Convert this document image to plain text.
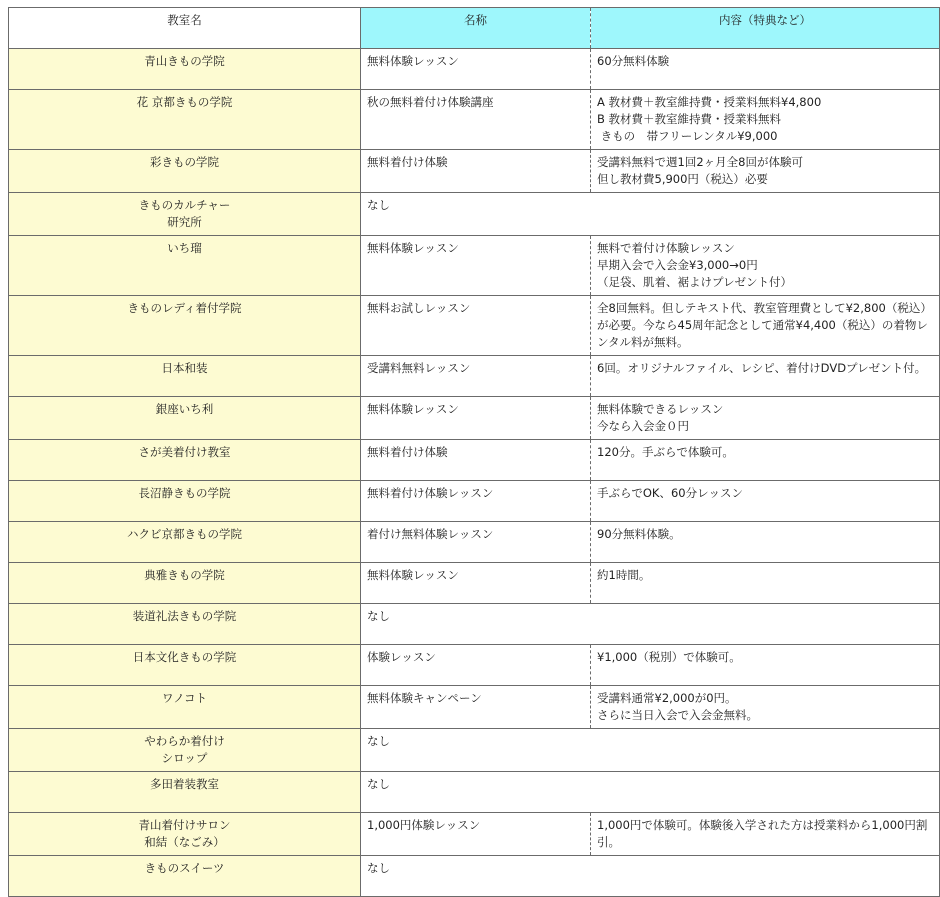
教室名	名称	内容（特典など）

青山きもの学院	無料体験レッスン	60分無料体験

花 京都きもの学院	秋の無料着付け体験講座	A 教材費＋教室維持費・授業料無料¥4,800
B 教材費＋教室維持費・授業料無料
きもの　帯フリーレンタル¥9,000

彩きもの学院	無料着付け体験	受講料無料で週1回2ヶ月全8回が体験可
但し教材費5,900円（税込）必要

きものカルチャー
研究所	なし	

いち瑠	無料体験レッスン	無料で着付け体験レッスン
早期入会で入会金¥3,000→0円
（足袋、肌着、裾よけプレゼント付）

きものレディ着付学院	無料お試しレッスン	全8回無料。但しテキスト代、教室管理費として¥2,800（税込）が必要。今なら45周年記念として通常¥4,400（税込）の着物レンタル料が無料。

日本和装	受講料無料レッスン	6回。オリジナルファイル、レシピ、着付けDVDプレゼント付。

銀座いち利	無料体験レッスン	無料体験できるレッスン
今なら入会金０円

さが美着付け教室	無料着付け体験	120分。手ぶらで体験可。

長沼静きもの学院	無料着付け体験レッスン	手ぶらでOK、60分レッスン

ハクビ京都きもの学院	着付け無料体験レッスン	90分無料体験。

典雅きもの学院	無料体験レッスン	約1時間。

装道礼法きもの学院	なし	

日本文化きもの学院	体験レッスン	¥1,000（税別）で体験可。

ワノコト	無料体験キャンペーン	受講料通常¥2,000が0円。
さらに当日入会で入会金無料。

やわらか着付け
シロップ	なし	

多田着装教室	なし	

青山着付けサロン
和結（なごみ）	1,000円体験レッスン	1,000円で体験可。体験後入学された方は授業料から1,000円割引。

きものスイーツ	なし	
